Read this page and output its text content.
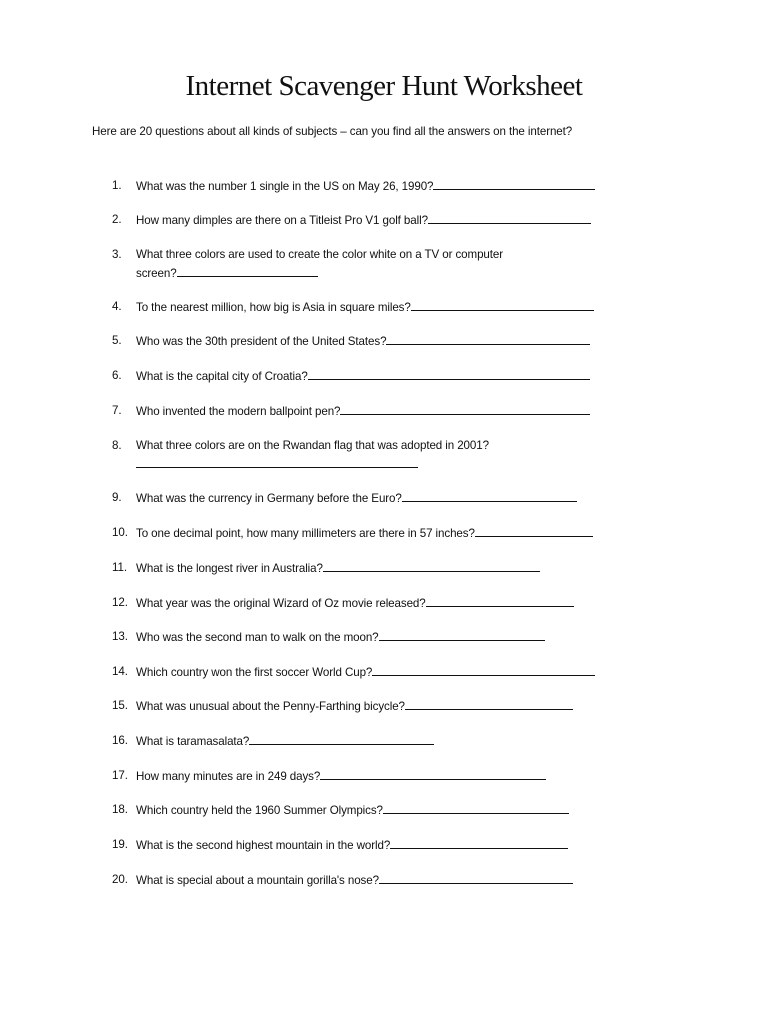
Internet Scavenger Hunt Worksheet
Here are 20 questions about all kinds of subjects – can you find all the answers on the internet?
1.	What was the number 1 single in the US on May 26, 1990?
2.	How many dimples are there on a Titleist Pro V1 golf ball?
3.	What three colors are used to create the color white on a TV or computer
screen?
4.	To the nearest million, how big is Asia in square miles?
5.	Who was the 30th president of the United States?
6.	What is the capital city of Croatia?
7.	Who invented the modern ballpoint pen?
8.	What three colors are on the Rwandan flag that was adopted in 2001?
9.	What was the currency in Germany before the Euro?
10. To one decimal point, how many millimeters are there in 57 inches?
11. What is the longest river in Australia?
12. What year was the original Wizard of Oz movie released?
13. Who was the second man to walk on the moon?
14. Which country won the first soccer World Cup?
15. What was unusual about the Penny-Farthing bicycle?
16. What is taramasalata?
17. How many minutes are in 249 days?
18. Which country held the 1960 Summer Olympics?
19. What is the second highest mountain in the world?
20. What is special about a mountain gorilla's nose?
